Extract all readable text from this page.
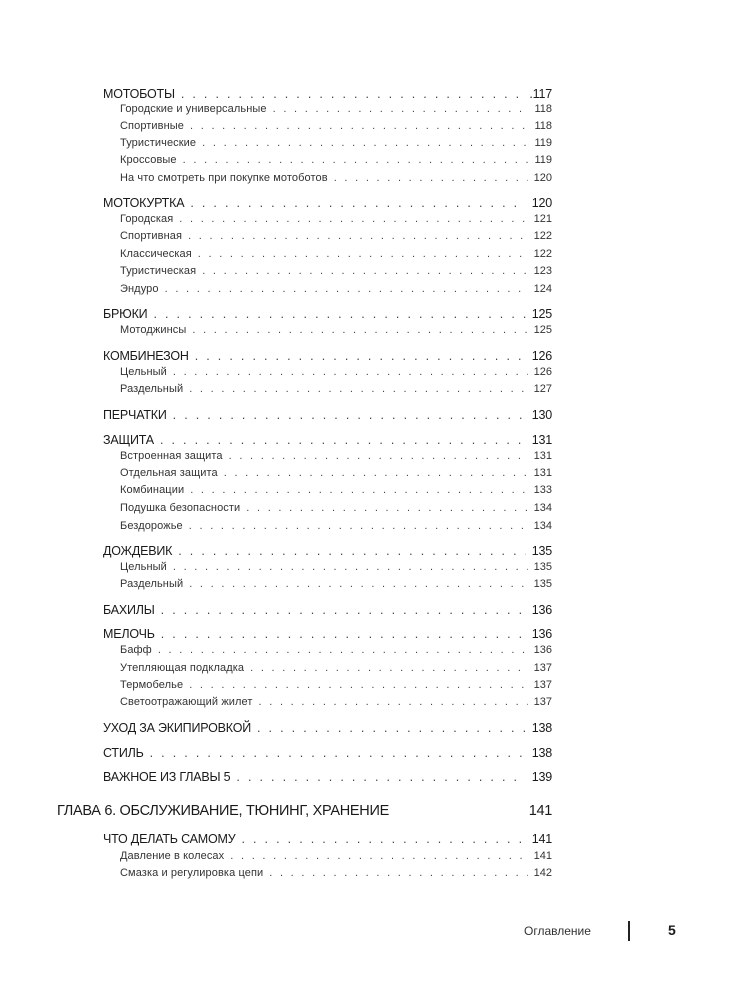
МОТОБОТЫ . . .	.117
Городские и универсальные . . .	118
Спортивные . . .	118
Туристические . . .	119
Кроссовые . . .	119
На что смотреть при покупке мотоботов . . .	120
МОТОКУРТКА . . .	120
Городская . . .	121
Спортивная . . .	122
Классическая . . .	122
Туристическая . . .	123
Эндуро . . .	124
БРЮКИ . . .	125
Мотоджинсы . . .	125
КОМБИНЕЗОН . . .	126
Цельный . . .	126
Раздельный . . .	127
ПЕРЧАТКИ . . .	130
ЗАЩИТА . . .	131
Встроенная защита . . .	131
Отдельная защита . . .	131
Комбинации . . .	133
Подушка безопасности . . .	134
Бездорожье . . .	134
ДОЖДЕВИК . . .	135
Цельный . . .	135
Раздельный . . .	135
БАХИЛЫ . . .	136
МЕЛОЧЬ . . .	136
Бафф . . .	136
Утепляющая подкладка . . .	137
Термобелье . . .	137
Светоотражающий жилет . . .	137
УХОД ЗА ЭКИПИРОВКОЙ . . .	138
СТИЛЬ . . .	138
ВАЖНОЕ ИЗ ГЛАВЫ 5 . . .	139
ГЛАВА 6. ОБСЛУЖИВАНИЕ, ТЮНИНГ, ХРАНЕНИЕ	141
ЧТО ДЕЛАТЬ САМОМУ . . .	141
Давление в колесах . . .	141
Смазка и регулировка цепи . . .	142
Оглавление	5
